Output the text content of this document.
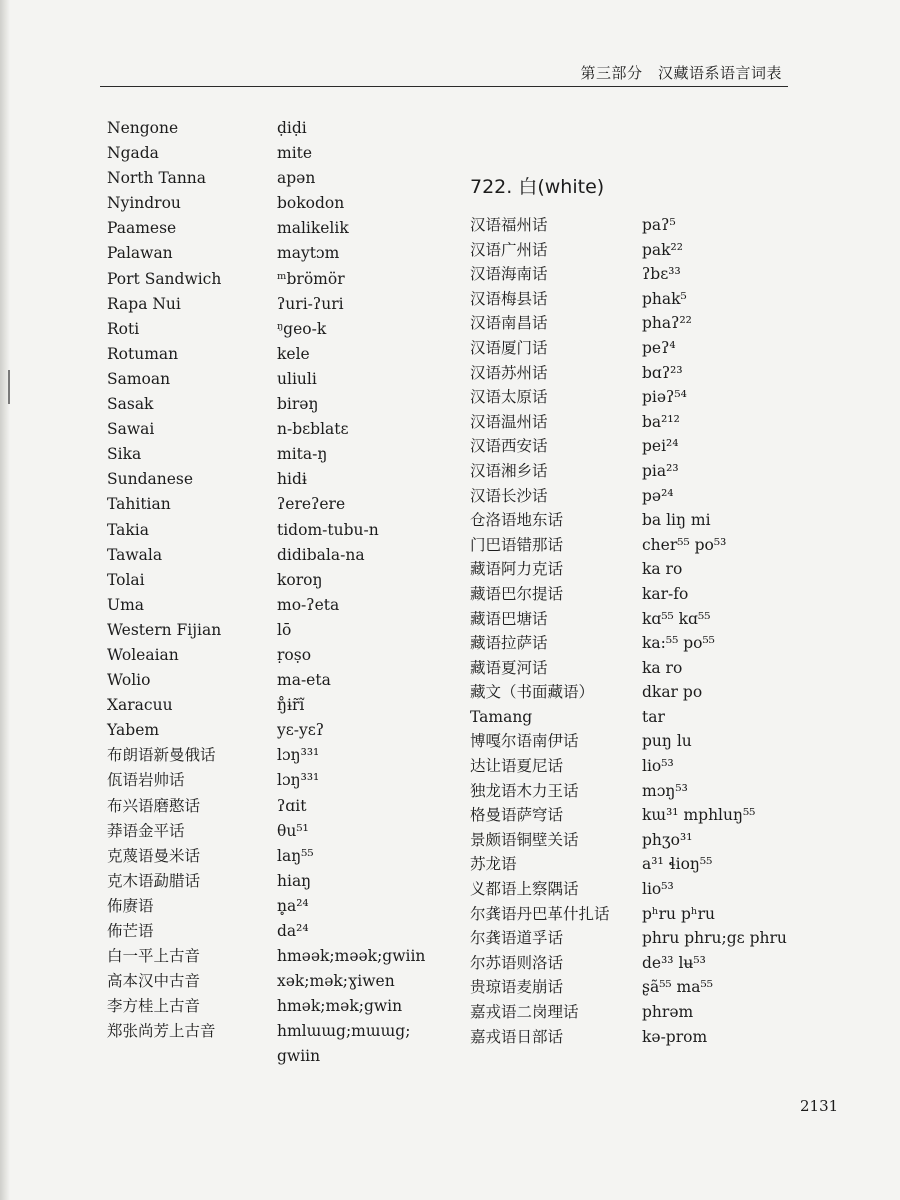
第三部分　汉藏语系语言词表
Nengone	ḍiḍi
Ngada	mite
North Tanna	apən
Nyindrou	bokodon
Paamese	malikelik
Palawan	maytɔm
Port Sandwich	ᵐbrömör
Rapa Nui	ʔuri-ʔuri
Roti	ᵑgeo-k
Rotuman	kele
Samoan	uliuli
Sasak	birəŋ
Sawai	n-bɛblatɛ
Sika	mita-ŋ
Sundanese	hidɨ
Tahitian	ʔereʔere
Takia	tidom-tubu-n
Tawala	didibala-na
Tolai	koroŋ
Uma	mo-ʔeta
Western Fijian	lō
Woleaian	ṛoṣo
Wolio	ma-eta
Xaracuu	ŋ̊ɨr̃ĩ
Yabem	yɛ-yɛʔ
布朗语新曼俄话	lɔŋ³³¹
佤语岩帅话	lɔŋ³³¹
布兴语磨憨话	ʔɑit
莽语金平话	θu⁵¹
克蔑语曼米话	laŋ⁵⁵
克木语勐腊话	hiaŋ
佈赓语	n̥a²⁴
佈芒语	da²⁴
白一平上古音	hməək;məək;gwiin
高本汉中古音	xək;mək;ɣiwen
李方桂上古音	hmək;mək;gwin
郑张尚芳上古音	hmlɯɯg;mɯɯg;
gwiin
722. 白(white)
汉语福州话	paʔ⁵
汉语广州话	pak²²
汉语海南话	ʔbɛ³³
汉语梅县话	phak⁵
汉语南昌话	phaʔ²²
汉语厦门话	peʔ⁴
汉语苏州话	bɑʔ²³
汉语太原话	piəʔ⁵⁴
汉语温州话	ba²¹²
汉语西安话	pei²⁴
汉语湘乡话	pia²³
汉语长沙话	pə²⁴
仓洛语地东话	ba liŋ mi
门巴语错那话	cher⁵⁵ po⁵³
藏语阿力克话	ka ro
藏语巴尔提话	kar-fo
藏语巴塘话	kɑ⁵⁵ kɑ⁵⁵
藏语拉萨话	ka:⁵⁵ po⁵⁵
藏语夏河话	ka ro
藏文（书面藏语）	dkar po
Tamang	tar
博嘎尔语南伊话	puŋ lu
达让语夏尼话	lio⁵³
独龙语木力王话	mɔŋ⁵³
格曼语萨穹话	kɯ³¹ mphluŋ⁵⁵
景颇语铜壁关话	phʒo³¹
苏龙语	a³¹ ɬioŋ⁵⁵
义都语上察隅话	lio⁵³
尔龚语丹巴革什扎话	pʰru pʰru
尔龚语道孚话	phru phru;gɛ phru
尔苏语则洛话	de³³ lʉ⁵³
贵琼语麦崩话	ʂã⁵⁵ ma⁵⁵
嘉戎语二岗理话	phrəm
嘉戎语日部话	kə-prom
2131
